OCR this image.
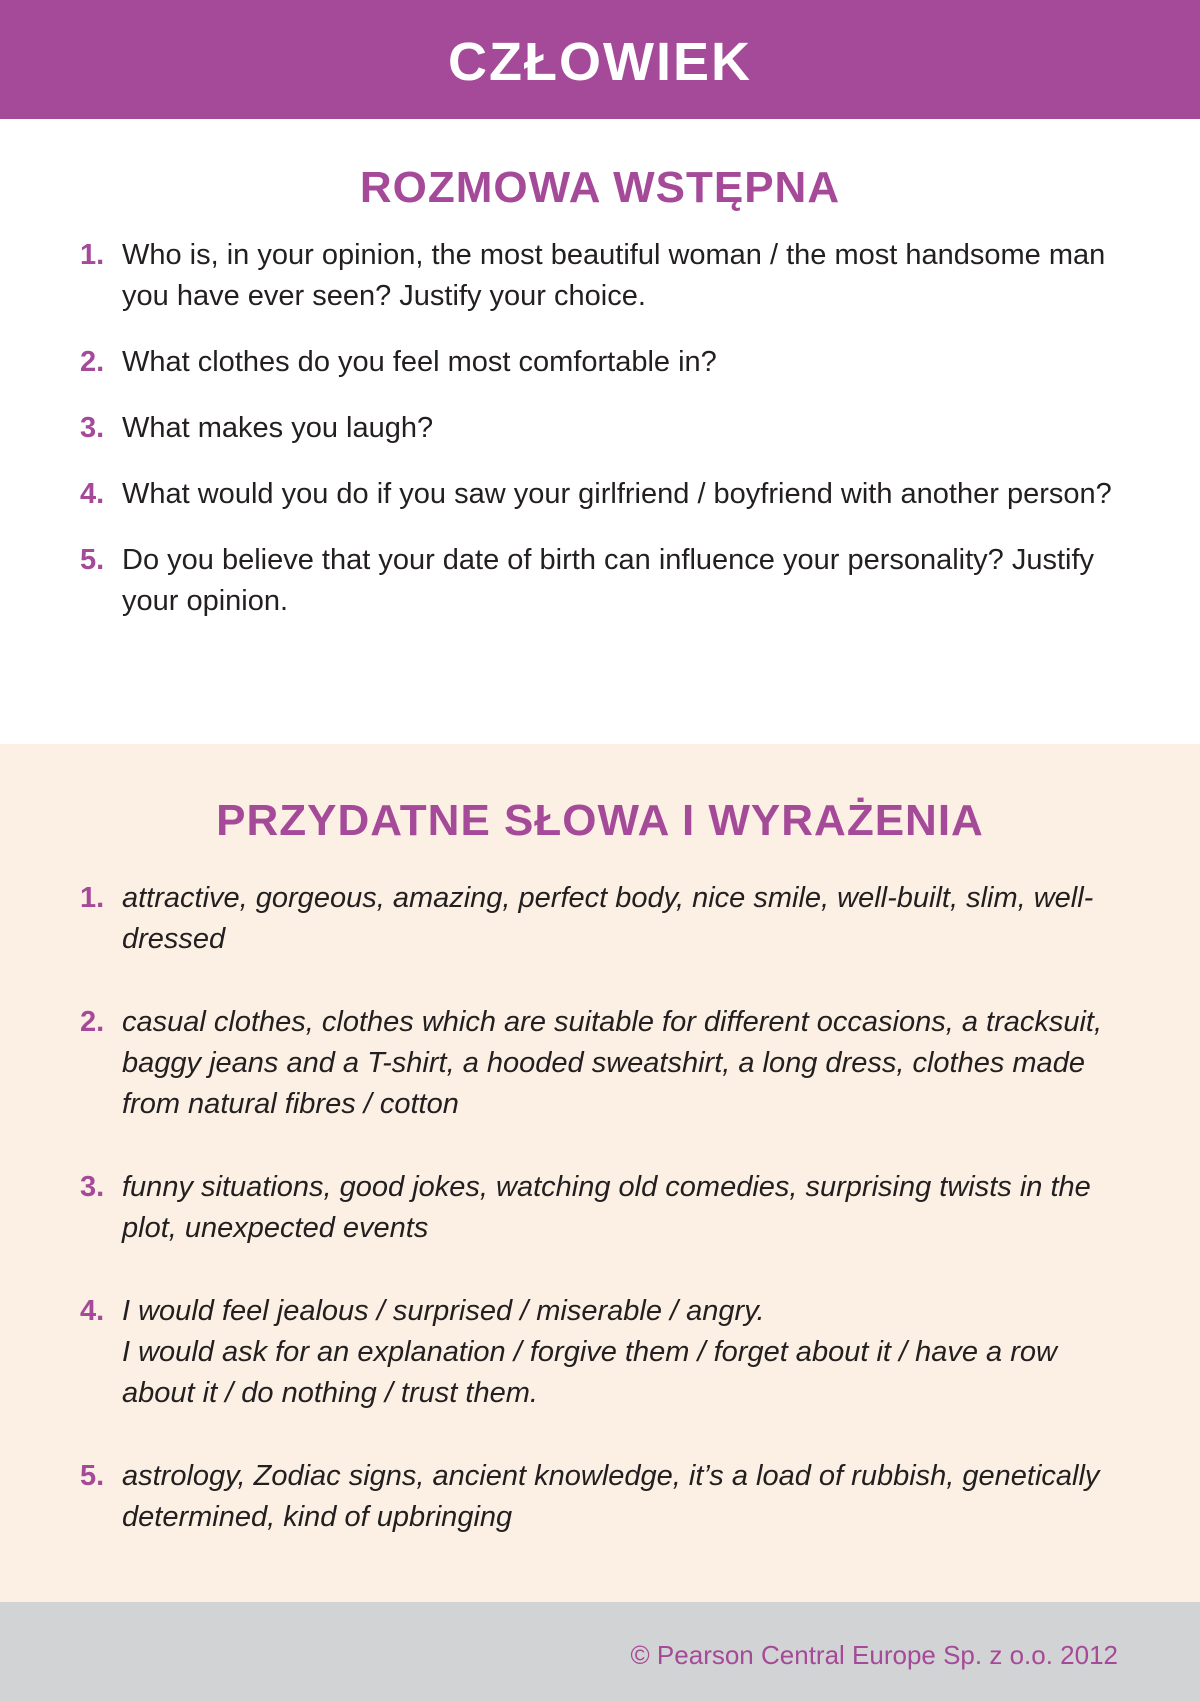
CZŁOWIEK
ROZMOWA WSTĘPNA
1. Who is, in your opinion, the most beautiful woman / the most handsome man you have ever seen? Justify your choice.
2. What clothes do you feel most comfortable in?
3. What makes you laugh?
4. What would you do if you saw your girlfriend / boyfriend with another person?
5. Do you believe that your date of birth can influence your personality? Justify your opinion.
PRZYDATNE SŁOWA I WYRAŻENIA
1. attractive, gorgeous, amazing, perfect body, nice smile, well-built, slim, well-dressed
2. casual clothes, clothes which are suitable for different occasions, a tracksuit, baggy jeans and a T-shirt, a hooded sweatshirt, a long dress, clothes made from natural fibres / cotton
3. funny situations, good jokes, watching old comedies, surprising twists in the plot, unexpected events
4. I would feel jealous / surprised / miserable / angry.
I would ask for an explanation / forgive them / forget about it / have a row about it / do nothing / trust them.
5. astrology, Zodiac signs, ancient knowledge, it’s a load of rubbish, genetically determined, kind of upbringing
© Pearson Central Europe Sp. z o.o. 2012
